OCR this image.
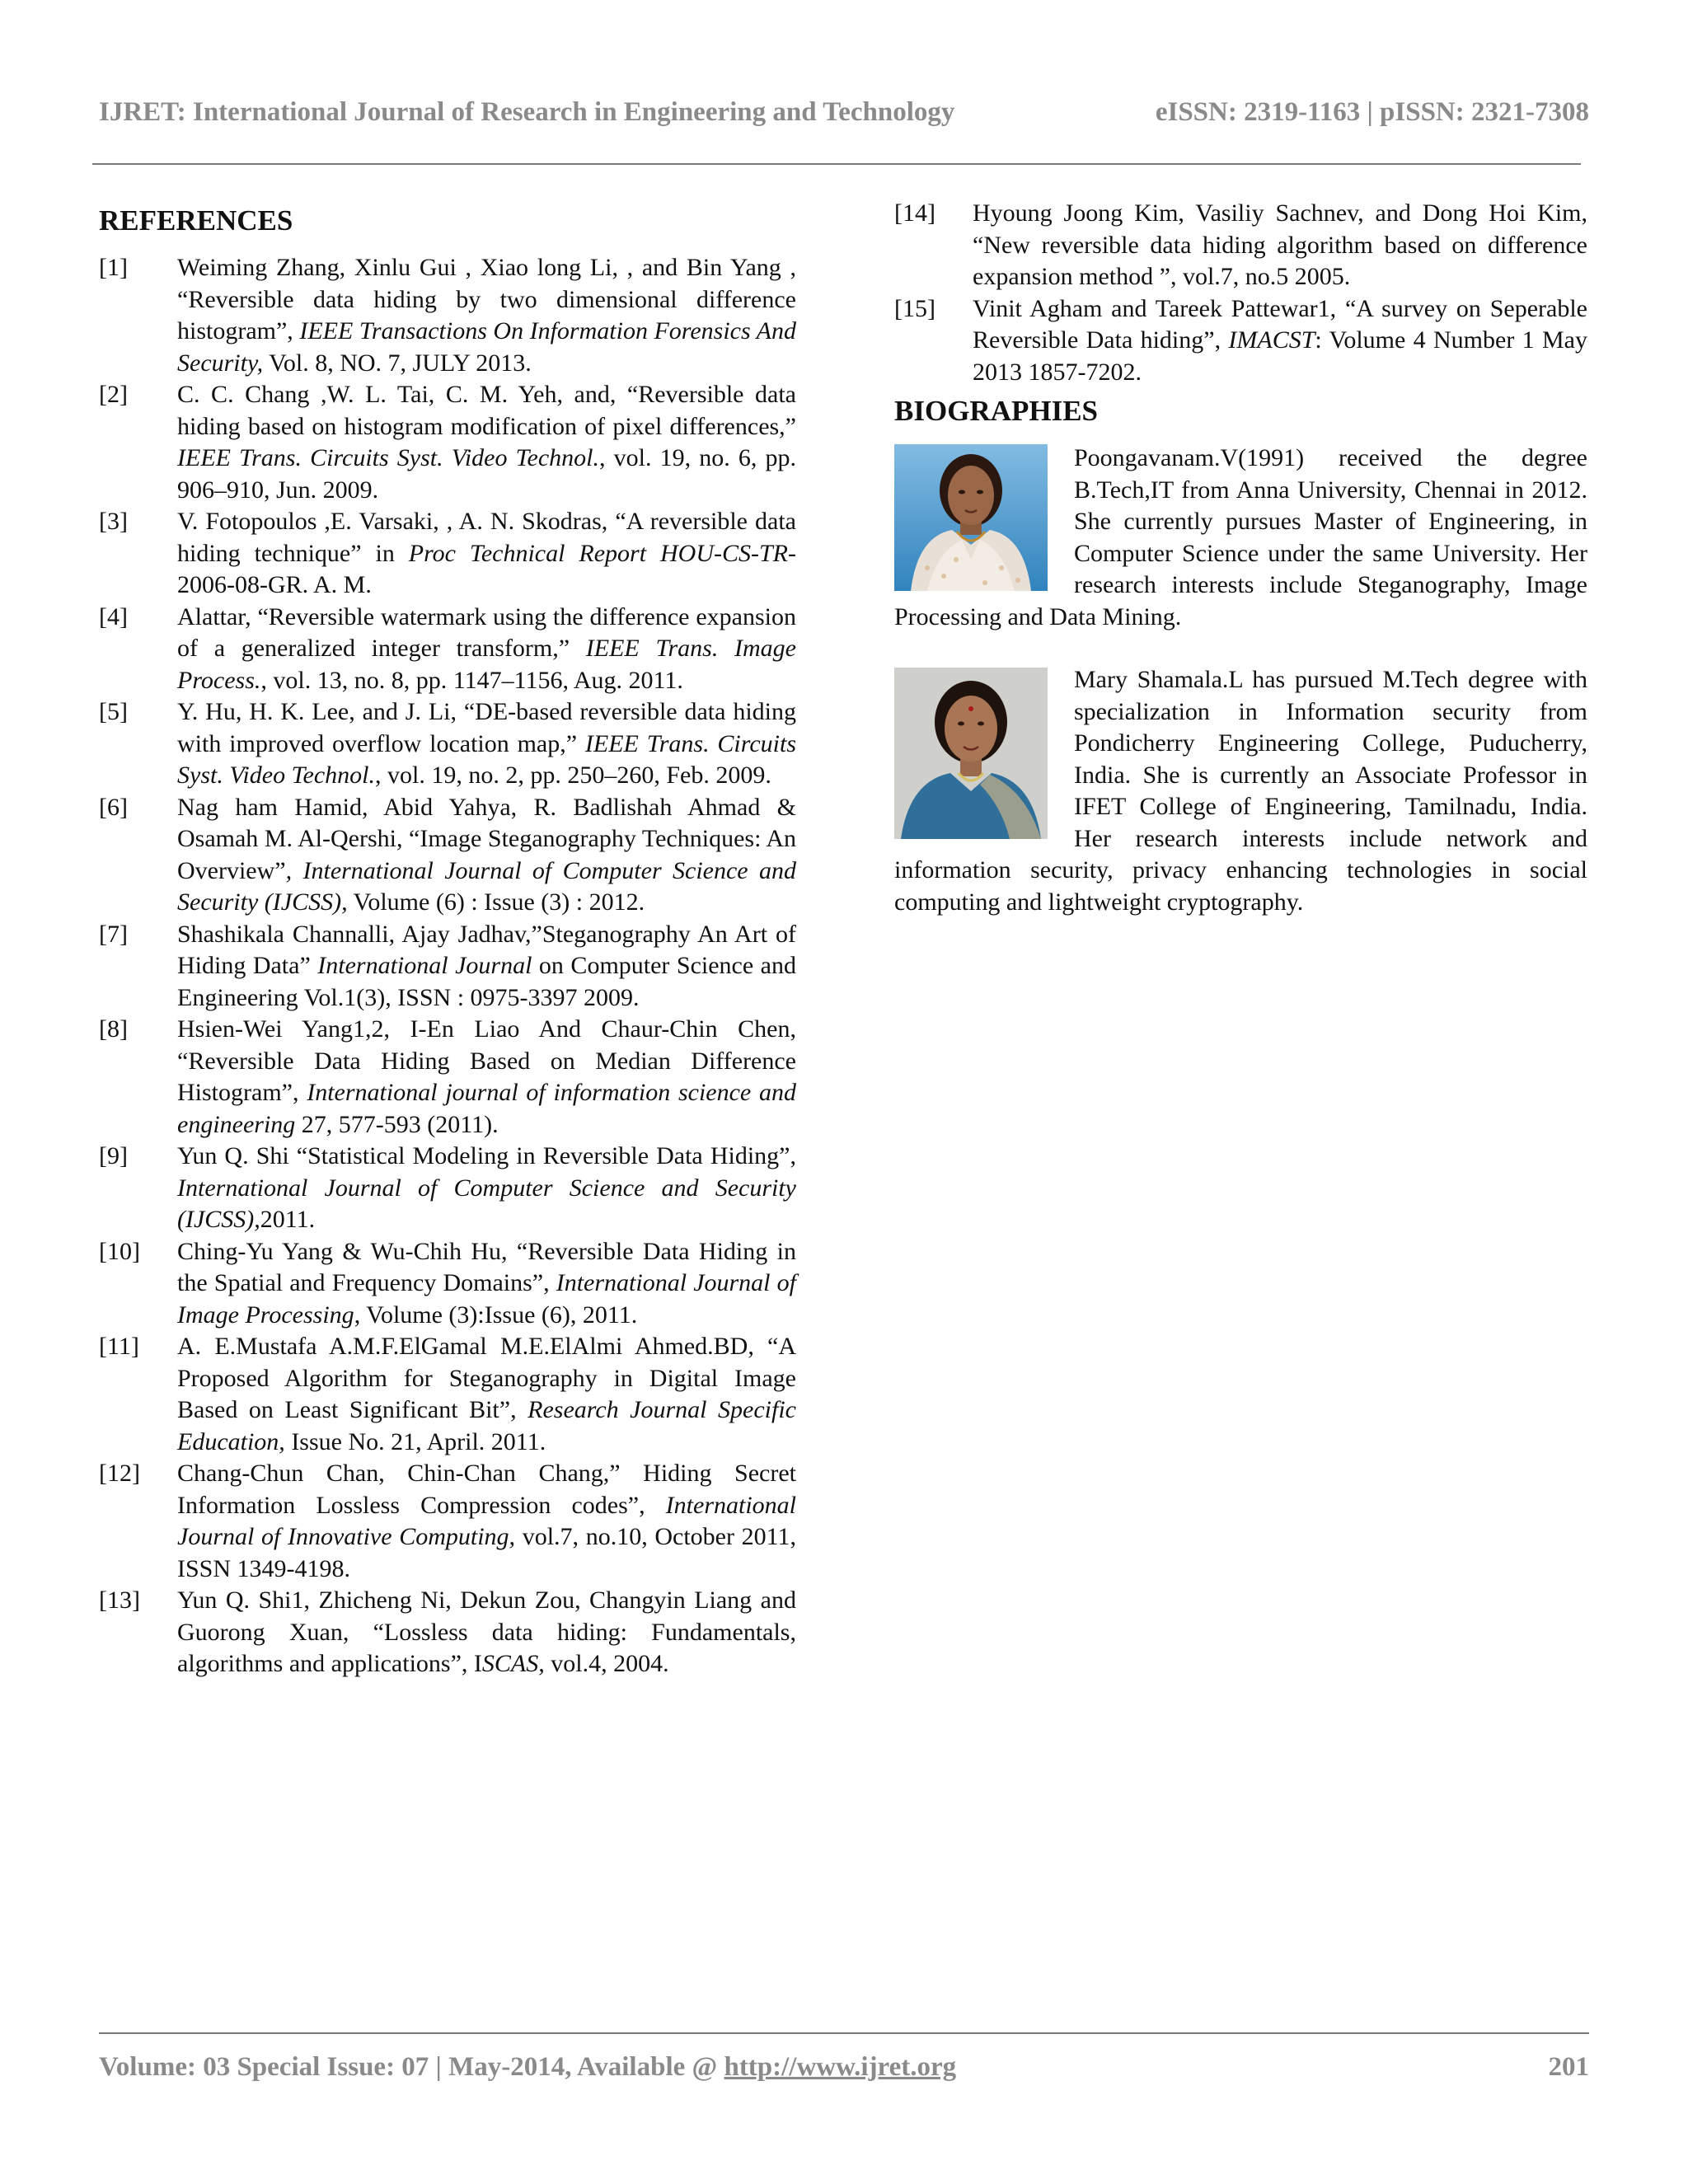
IJRET: International Journal of Research in Engineering and Technology	eISSN: 2319-1163 | pISSN: 2321-7308
REFERENCES
[1] Weiming Zhang, Xinlu Gui , Xiao long Li, , and Bin Yang , “Reversible data hiding by two dimensional difference histogram”, IEEE Transactions On Information Forensics And Security, Vol. 8, NO. 7, JULY 2013.
[2] C. C. Chang ,W. L. Tai, C. M. Yeh, and, “Reversible data hiding based on histogram modification of pixel differences,” IEEE Trans. Circuits Syst. Video Technol., vol. 19, no. 6, pp. 906–910, Jun. 2009.
[3] V. Fotopoulos ,E. Varsaki, , A. N. Skodras, “A reversible data hiding technique” in Proc Technical Report HOU-CS-TR-2006-08-GR. A. M.
[4] Alattar, “Reversible watermark using the difference expansion of a generalized integer transform,” IEEE Trans. Image Process., vol. 13, no. 8, pp. 1147–1156, Aug. 2011.
[5] Y. Hu, H. K. Lee, and J. Li, “DE-based reversible data hiding with improved overflow location map,” IEEE Trans. Circuits Syst. Video Technol., vol. 19, no. 2, pp. 250–260, Feb. 2009.
[6] Nag ham Hamid, Abid Yahya, R. Badlishah Ahmad & Osamah M. Al-Qershi, “Image Steganography Techniques: An Overview”, International Journal of Computer Science and Security (IJCSS), Volume (6) : Issue (3) : 2012.
[7] Shashikala Channalli, Ajay Jadhav,”Steganography An Art of Hiding Data” International Journal on Computer Science and Engineering Vol.1(3), ISSN : 0975-3397 2009.
[8] Hsien-Wei Yang1,2, I-En Liao And Chaur-Chin Chen, “Reversible Data Hiding Based on Median Difference Histogram”, International journal of information science and engineering 27, 577-593 (2011).
[9] Yun Q. Shi “Statistical Modeling in Reversible Data Hiding”, International Journal of Computer Science and Security (IJCSS),2011.
[10] Ching-Yu Yang & Wu-Chih Hu, “Reversible Data Hiding in the Spatial and Frequency Domains”, International Journal of Image Processing, Volume (3):Issue (6), 2011.
[11] A. E.Mustafa A.M.F.ElGamal M.E.ElAlmi Ahmed.BD, “A Proposed Algorithm for Steganography in Digital Image Based on Least Significant Bit”, Research Journal Specific Education, Issue No. 21, April. 2011.
[12] Chang-Chun Chan, Chin-Chan Chang,” Hiding Secret Information Lossless Compression codes”, International Journal of Innovative Computing, vol.7, no.10, October 2011, ISSN 1349-4198.
[13] Yun Q. Shi1, Zhicheng Ni, Dekun Zou, Changyin Liang and Guorong Xuan, “Lossless data hiding: Fundamentals, algorithms and applications”, ISCAS, vol.4, 2004.
[14] Hyoung Joong Kim, Vasiliy Sachnev, and Dong Hoi Kim, “New reversible data hiding algorithm based on difference expansion method ”, vol.7, no.5 2005.
[15] Vinit Agham and Tareek Pattewar1, “A survey on Seperable Reversible Data hiding”, IMACST: Volume 4 Number 1 May 2013 1857-7202.
BIOGRAPHIES

Poongavanam.V(1991) received the degree B.Tech,IT from Anna University, Chennai in 2012. She currently pursues Master of Engineering, in Computer Science under the same University. Her research interests include Steganography, Image Processing and Data Mining.

Mary Shamala.L has pursued M.Tech degree with specialization in Information security from Pondicherry Engineering College, Puducherry, India. She is currently an Associate Professor in IFET College of Engineering, Tamilnadu, India. Her research interests include network and information security, privacy enhancing technologies in social computing and lightweight cryptography.

Volume: 03 Special Issue: 07 | May-2014, Available @ http://www.ijret.org	201
